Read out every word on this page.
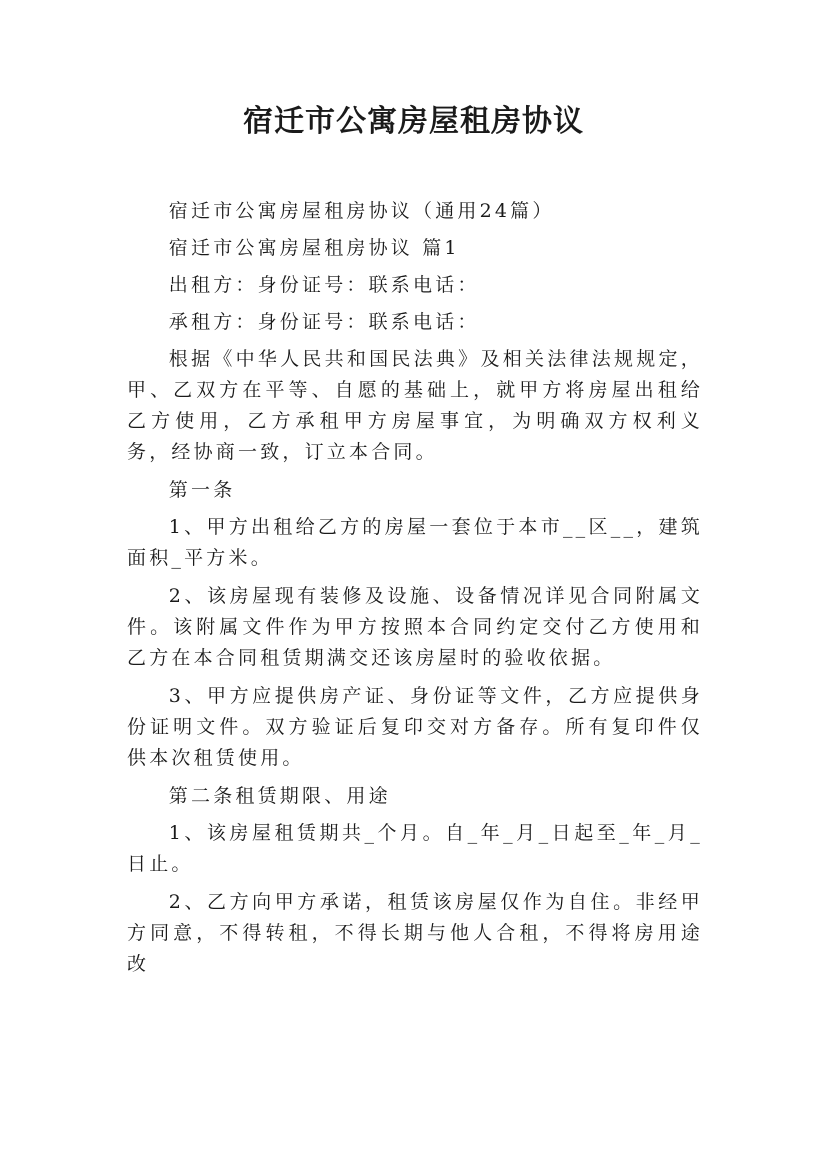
宿迁市公寓房屋租房协议

宿迁市公寓房屋租房协议（通用24篇）

宿迁市公寓房屋租房协议 篇1

出租方：身份证号：联系电话：

承租方：身份证号：联系电话：

根据《中华人民共和国民法典》及相关法律法规规定，甲、乙双方在平等、自愿的基础上，就甲方将房屋出租给乙方使用，乙方承租甲方房屋事宜，为明确双方权利义务，经协商一致，订立本合同。

第一条

1、甲方出租给乙方的房屋一套位于本市__区__，建筑面积_平方米。

2、该房屋现有装修及设施、设备情况详见合同附属文件。该附属文件作为甲方按照本合同约定交付乙方使用和乙方在本合同租赁期满交还该房屋时的验收依据。

3、甲方应提供房产证、身份证等文件，乙方应提供身份证明文件。双方验证后复印交对方备存。所有复印件仅供本次租赁使用。

第二条租赁期限、用途

1、该房屋租赁期共_个月。自_年_月_日起至_年_月_日止。

2、乙方向甲方承诺，租赁该房屋仅作为自住。非经甲方同意，不得转租，不得长期与他人合租，不得将房用途改
